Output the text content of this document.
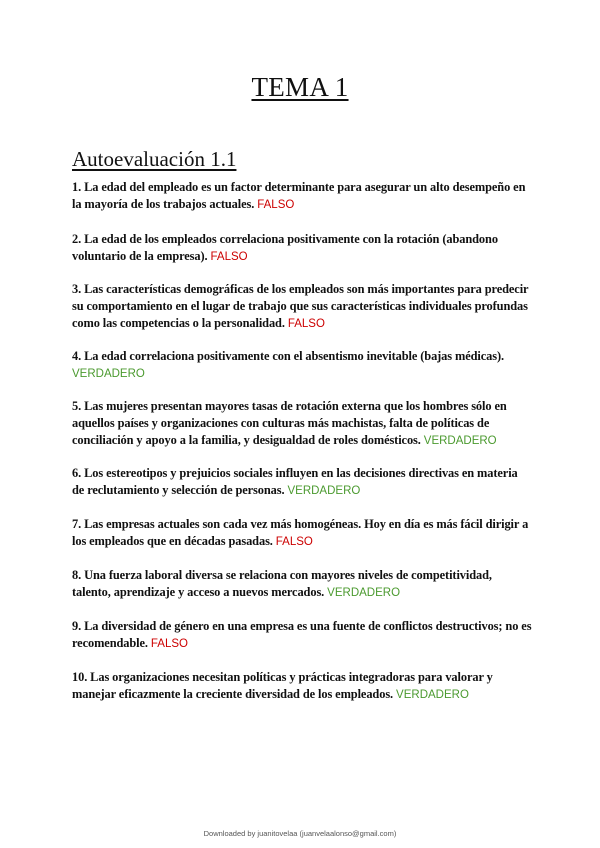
TEMA 1
Autoevaluación 1.1

1. La edad del empleado es un factor determinante para asegurar un alto desempeño en la mayoría de los trabajos actuales. FALSO

2. La edad de los empleados correlaciona positivamente con la rotación (abandono voluntario de la empresa). FALSO

3. Las características demográficas de los empleados son más importantes para predecir su comportamiento en el lugar de trabajo que sus características individuales profundas como las competencias o la personalidad. FALSO

4. La edad correlaciona positivamente con el absentismo inevitable (bajas médicas). VERDADERO

5. Las mujeres presentan mayores tasas de rotación externa que los hombres sólo en aquellos países y organizaciones con culturas más machistas, falta de políticas de conciliación y apoyo a la familia, y desigualdad de roles domésticos. VERDADERO

6. Los estereotipos y prejuicios sociales influyen en las decisiones directivas en materia de reclutamiento y selección de personas. VERDADERO

7. Las empresas actuales son cada vez más homogéneas. Hoy en día es más fácil dirigir a los empleados que en décadas pasadas. FALSO

8. Una fuerza laboral diversa se relaciona con mayores niveles de competitividad, talento, aprendizaje y acceso a nuevos mercados. VERDADERO

9. La diversidad de género en una empresa es una fuente de conflictos destructivos; no es recomendable. FALSO

10. Las organizaciones necesitan políticas y prácticas integradoras para valorar y manejar eficazmente la creciente diversidad de los empleados. VERDADERO

Downloaded by juanitovelaa (juanvelaalonso@gmail.com)
